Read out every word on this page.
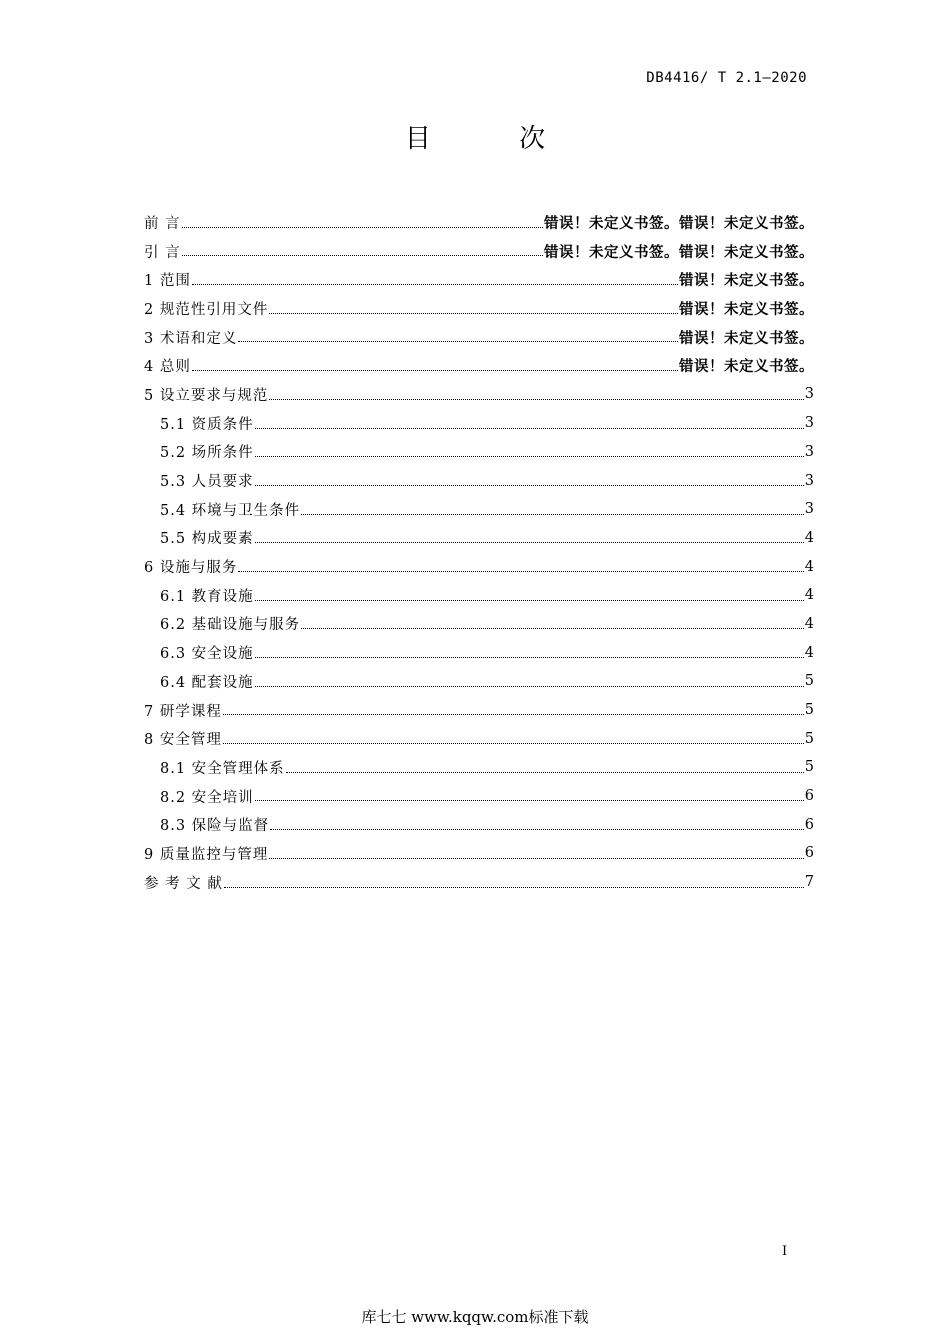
DB4416/ T 2.1—2020
目 次
前 言	错误！未定义书签。错误！未定义书签。
引 言	错误！未定义书签。错误！未定义书签。
1 范围	错误！未定义书签。
2 规范性引用文件	错误！未定义书签。
3 术语和定义	错误！未定义书签。
4 总则	错误！未定义书签。
5 设立要求与规范	3
5.1 资质条件	3
5.2 场所条件	3
5.3 人员要求	3
5.4 环境与卫生条件	3
5.5 构成要素	4
6 设施与服务	4
6.1 教育设施	4
6.2 基础设施与服务	4
6.3 安全设施	4
6.4 配套设施	5
7 研学课程	5
8 安全管理	5
8.1 安全管理体系	5
8.2 安全培训	6
8.3 保险与监督	6
9 质量监控与管理	6
参 考 文 献	7
I
库七七 www.kqqw.com标准下载
